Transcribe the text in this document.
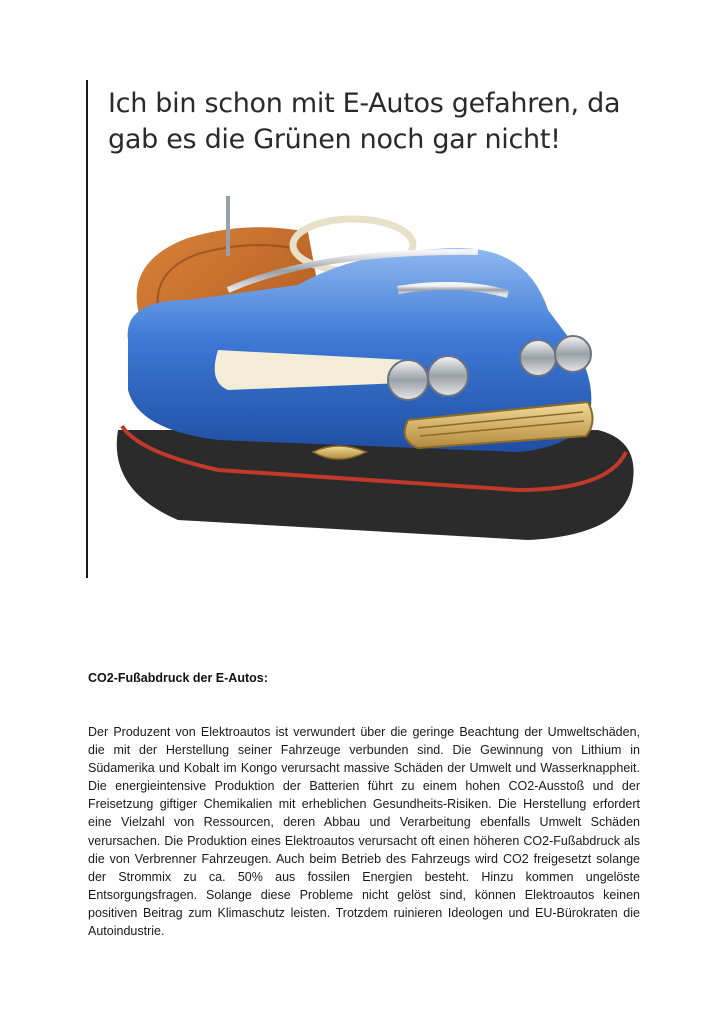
Ich bin schon mit E-Autos gefahren, da gab es die Grünen noch gar nicht!
CO2-Fußabdruck der E-Autos:

Der Produzent von Elektroautos ist verwundert über die geringe Beachtung der Umweltschäden, die mit der Herstellung seiner Fahrzeuge verbunden sind. Die Gewinnung von Lithium in Südamerika und Kobalt im Kongo verursacht massive Schäden der Umwelt und Wasserknappheit. Die energieintensive Produktion der Batterien führt zu einem hohen CO2-Ausstoß und der Freisetzung giftiger Chemikalien mit erheblichen Gesundheits-Risiken. Die Herstellung erfordert eine Vielzahl von Ressourcen, deren Abbau und Verarbeitung ebenfalls Umwelt Schäden verursachen. Die Produktion eines Elektroautos verursacht oft einen höheren CO2-Fußabdruck als die von Verbrenner Fahrzeugen. Auch beim Betrieb des Fahrzeugs wird CO2 freigesetzt solange der Strommix zu ca. 50% aus fossilen Energien besteht. Hinzu kommen ungelöste Entsorgungsfragen. Solange diese Probleme nicht gelöst sind, können Elektroautos keinen positiven Beitrag zum Klimaschutz leisten. Trotzdem ruinieren Ideologen und EU-Bürokraten die Autoindustrie.
